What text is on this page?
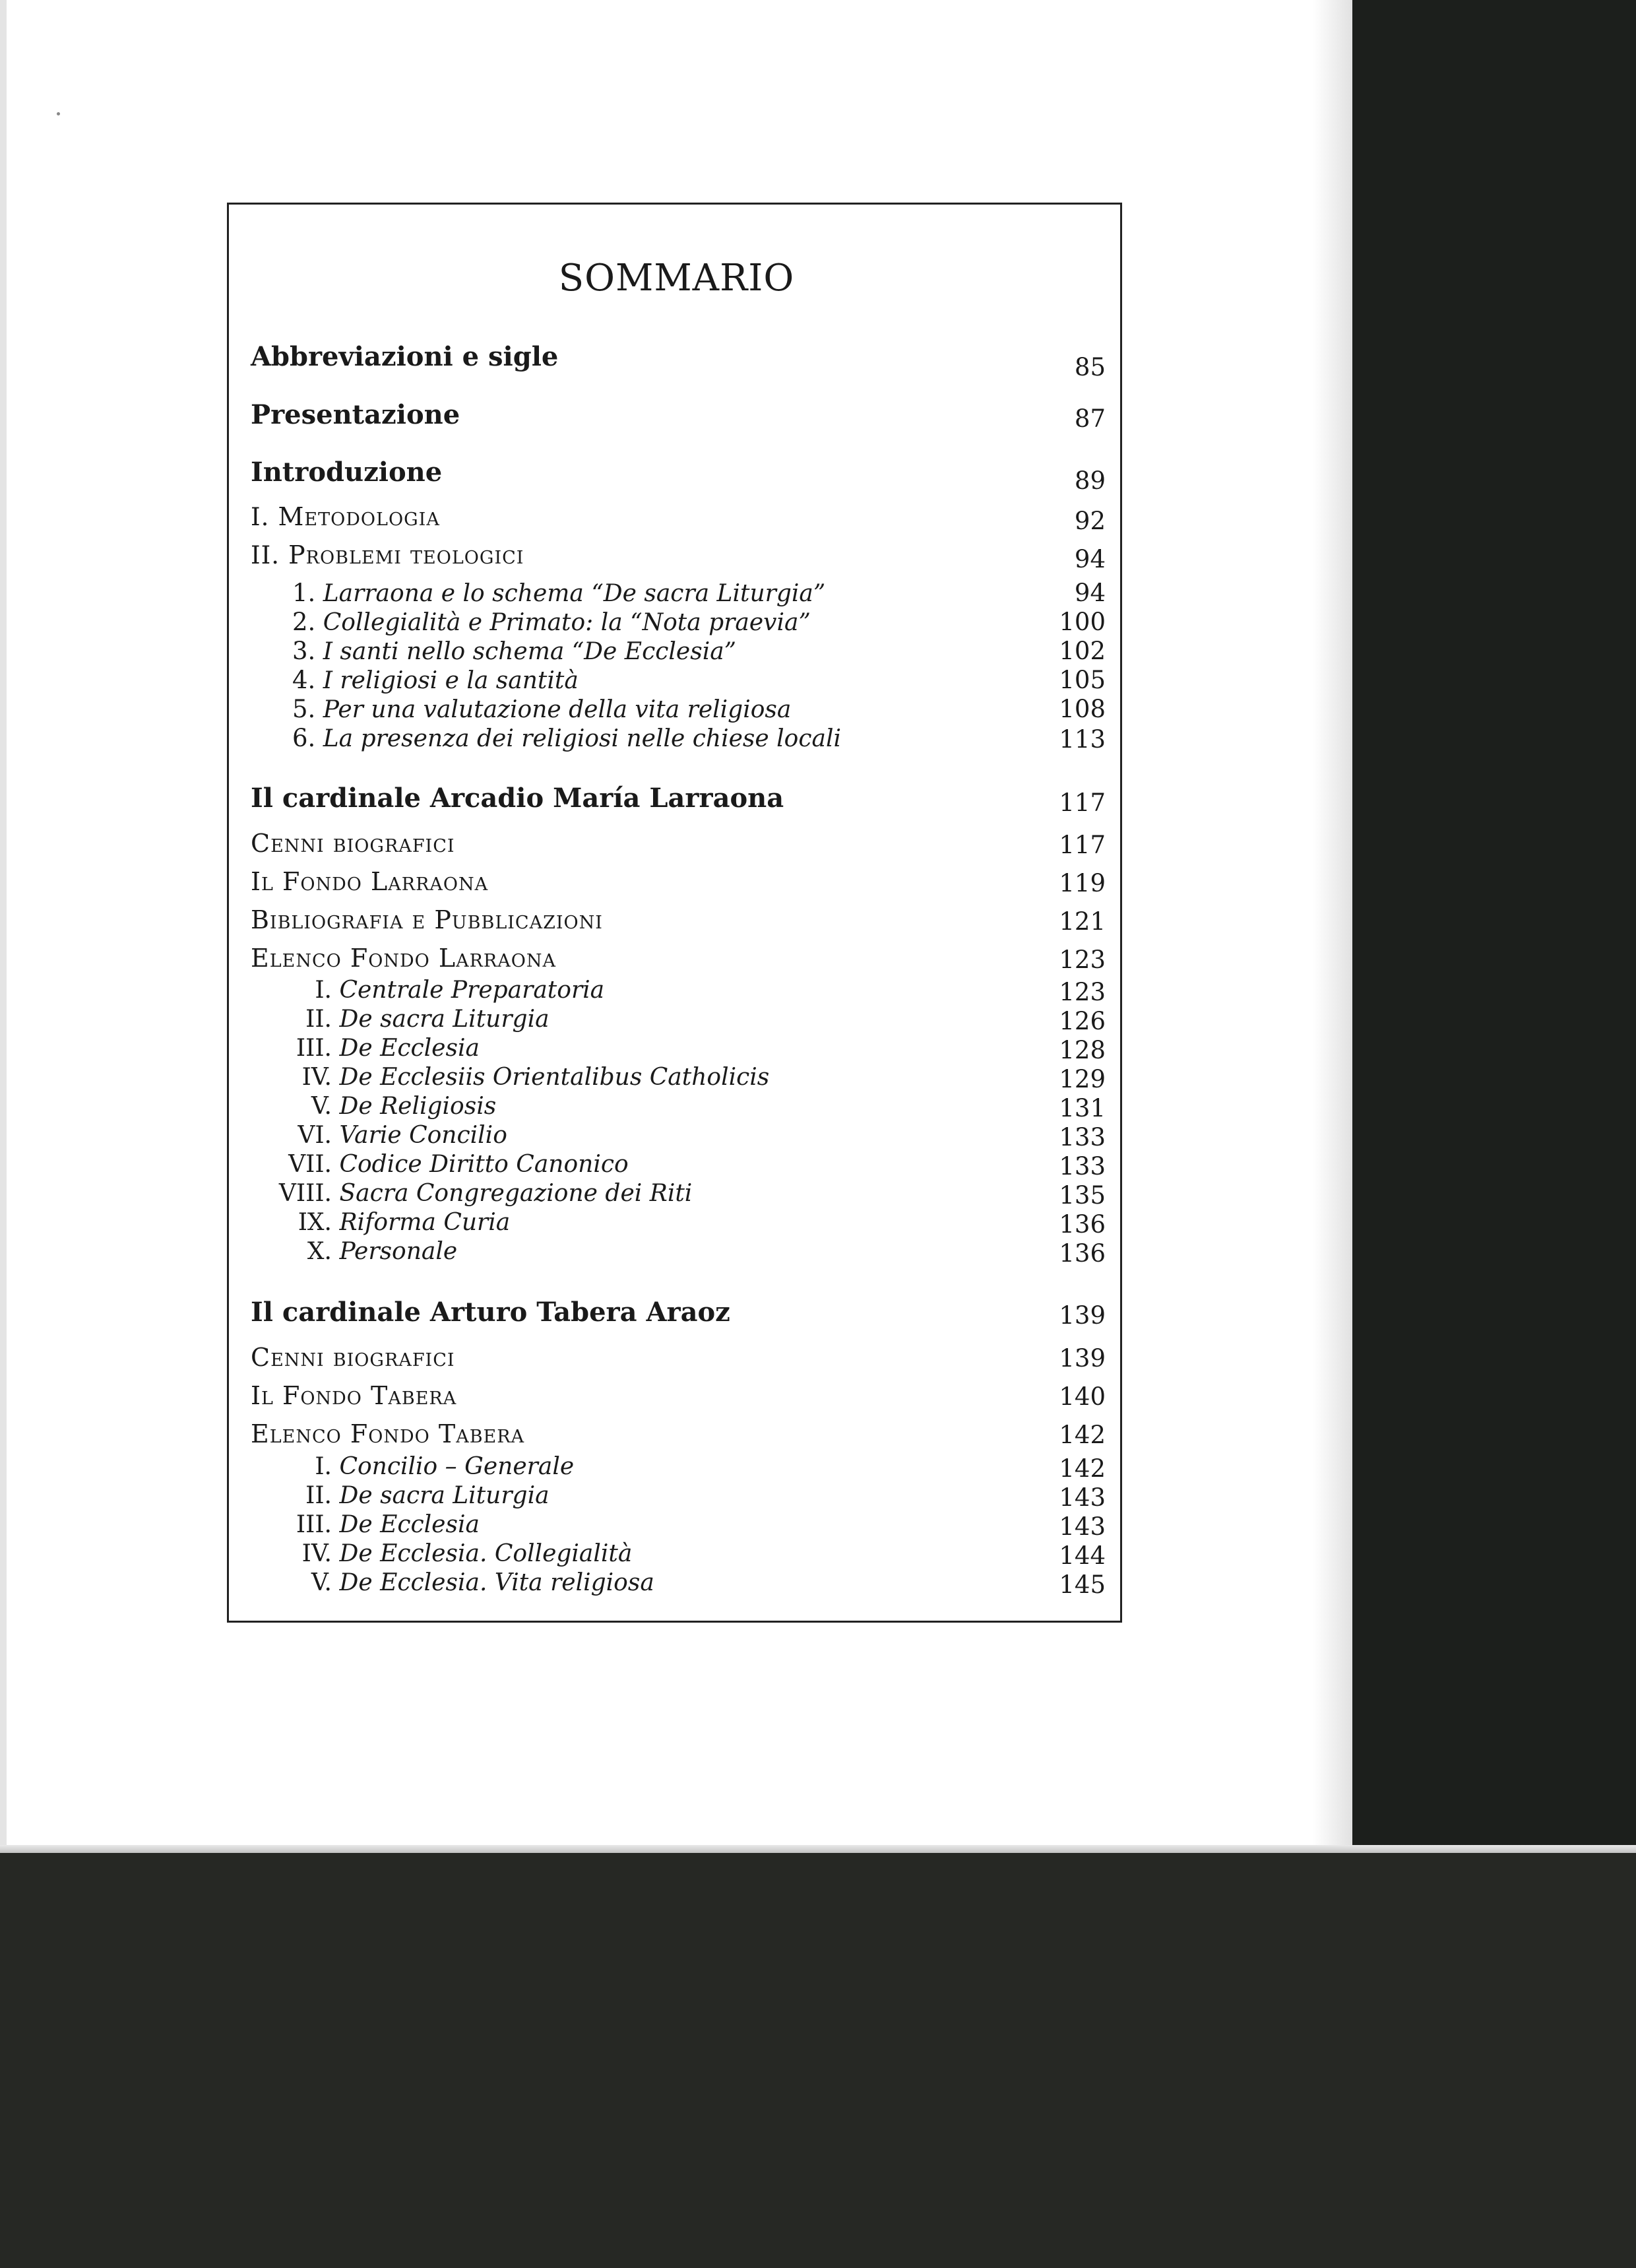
SOMMARIO
Abbreviazioni e sigle	85
Presentazione	87
Introduzione	89
I. Metodologia	92
II. Problemi teologici	94
1. Larraona e lo schema “De sacra Liturgia”	94
2. Collegialità e Primato: la “Nota praevia”	100
3. I santi nello schema “De Ecclesia”	102
4. I religiosi e la santità	105
5. Per una valutazione della vita religiosa	108
6. La presenza dei religiosi nelle chiese locali	113
Il cardinale Arcadio María Larraona	117
Cenni biografici	117
Il Fondo Larraona	119
Bibliografia e Pubblicazioni	121
Elenco Fondo Larraona	123
I. Centrale Preparatoria	123
II. De sacra Liturgia	126
III. De Ecclesia	128
IV. De Ecclesiis Orientalibus Catholicis	129
V. De Religiosis	131
VI. Varie Concilio	133
VII. Codice Diritto Canonico	133
VIII. Sacra Congregazione dei Riti	135
IX. Riforma Curia	136
X. Personale	136
Il cardinale Arturo Tabera Araoz	139
Cenni biografici	139
Il Fondo Tabera	140
Elenco Fondo Tabera	142
I. Concilio – Generale	142
II. De sacra Liturgia	143
III. De Ecclesia	143
IV. De Ecclesia. Collegialità	144
V. De Ecclesia. Vita religiosa	145
